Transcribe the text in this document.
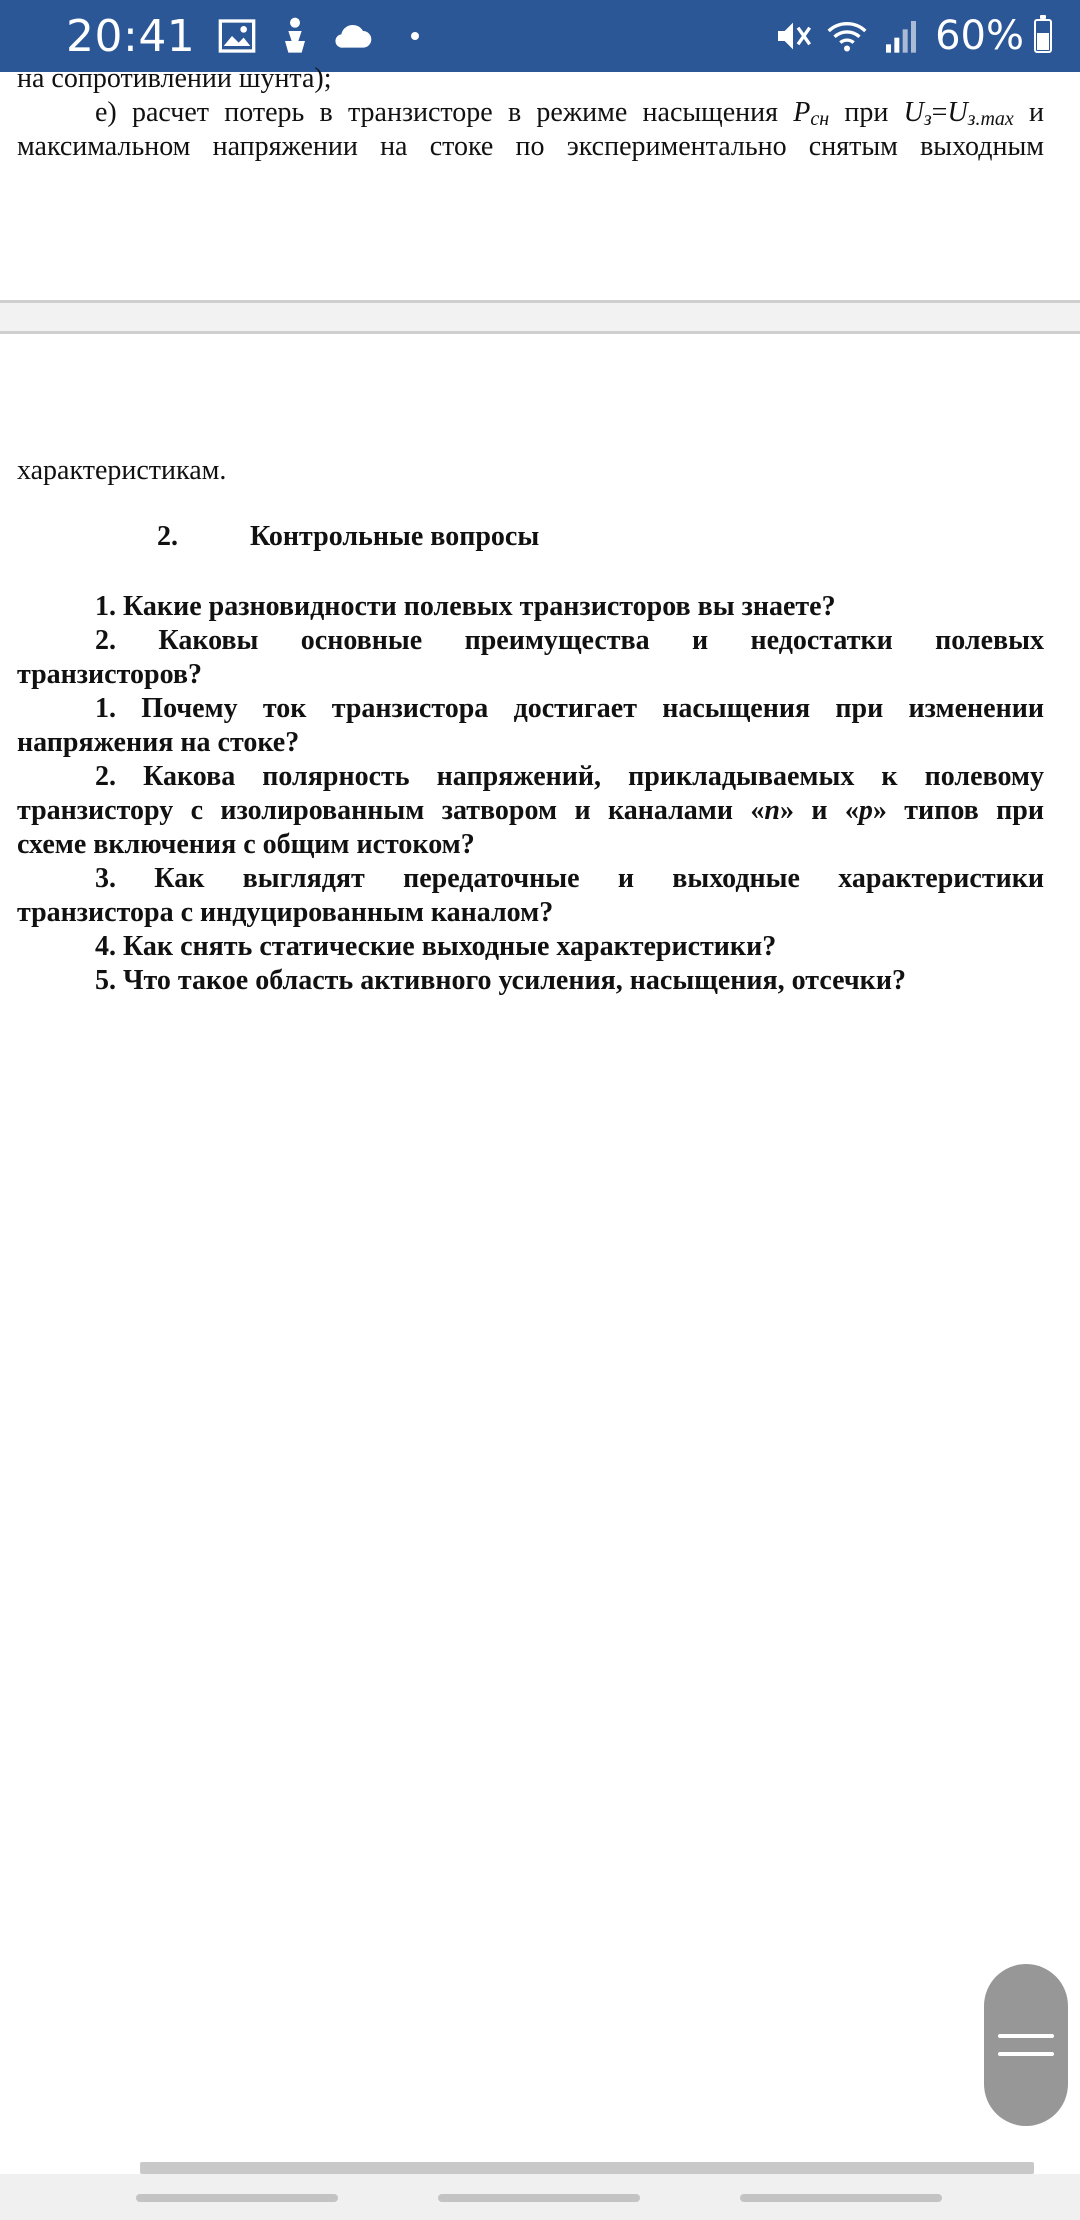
20:41	60%
на сопротивлении шунта);
е) расчет потерь в транзисторе в режиме насыщения $P_{сн}$ при $U_з=U_{з.max}$ и
максимальном напряжении на стоке по экспериментально снятым выходным
характеристикам.
2.	Контрольные вопросы
1. Какие разновидности полевых транзисторов вы знаете?
2. Каковы основные преимущества и недостатки полевых
транзисторов?
1. Почему ток транзистора достигает насыщения при изменении
напряжения на стоке?
2. Какова полярность напряжений, прикладываемых к полевому
транзистору с изолированным затвором и каналами «n» и «p» типов при
схеме включения с общим истоком?
3. Как выглядят передаточные и выходные характеристики
транзистора с индуцированным каналом?
4. Как снять статические выходные характеристики?
5. Что такое область активного усиления, насыщения, отсечки?
